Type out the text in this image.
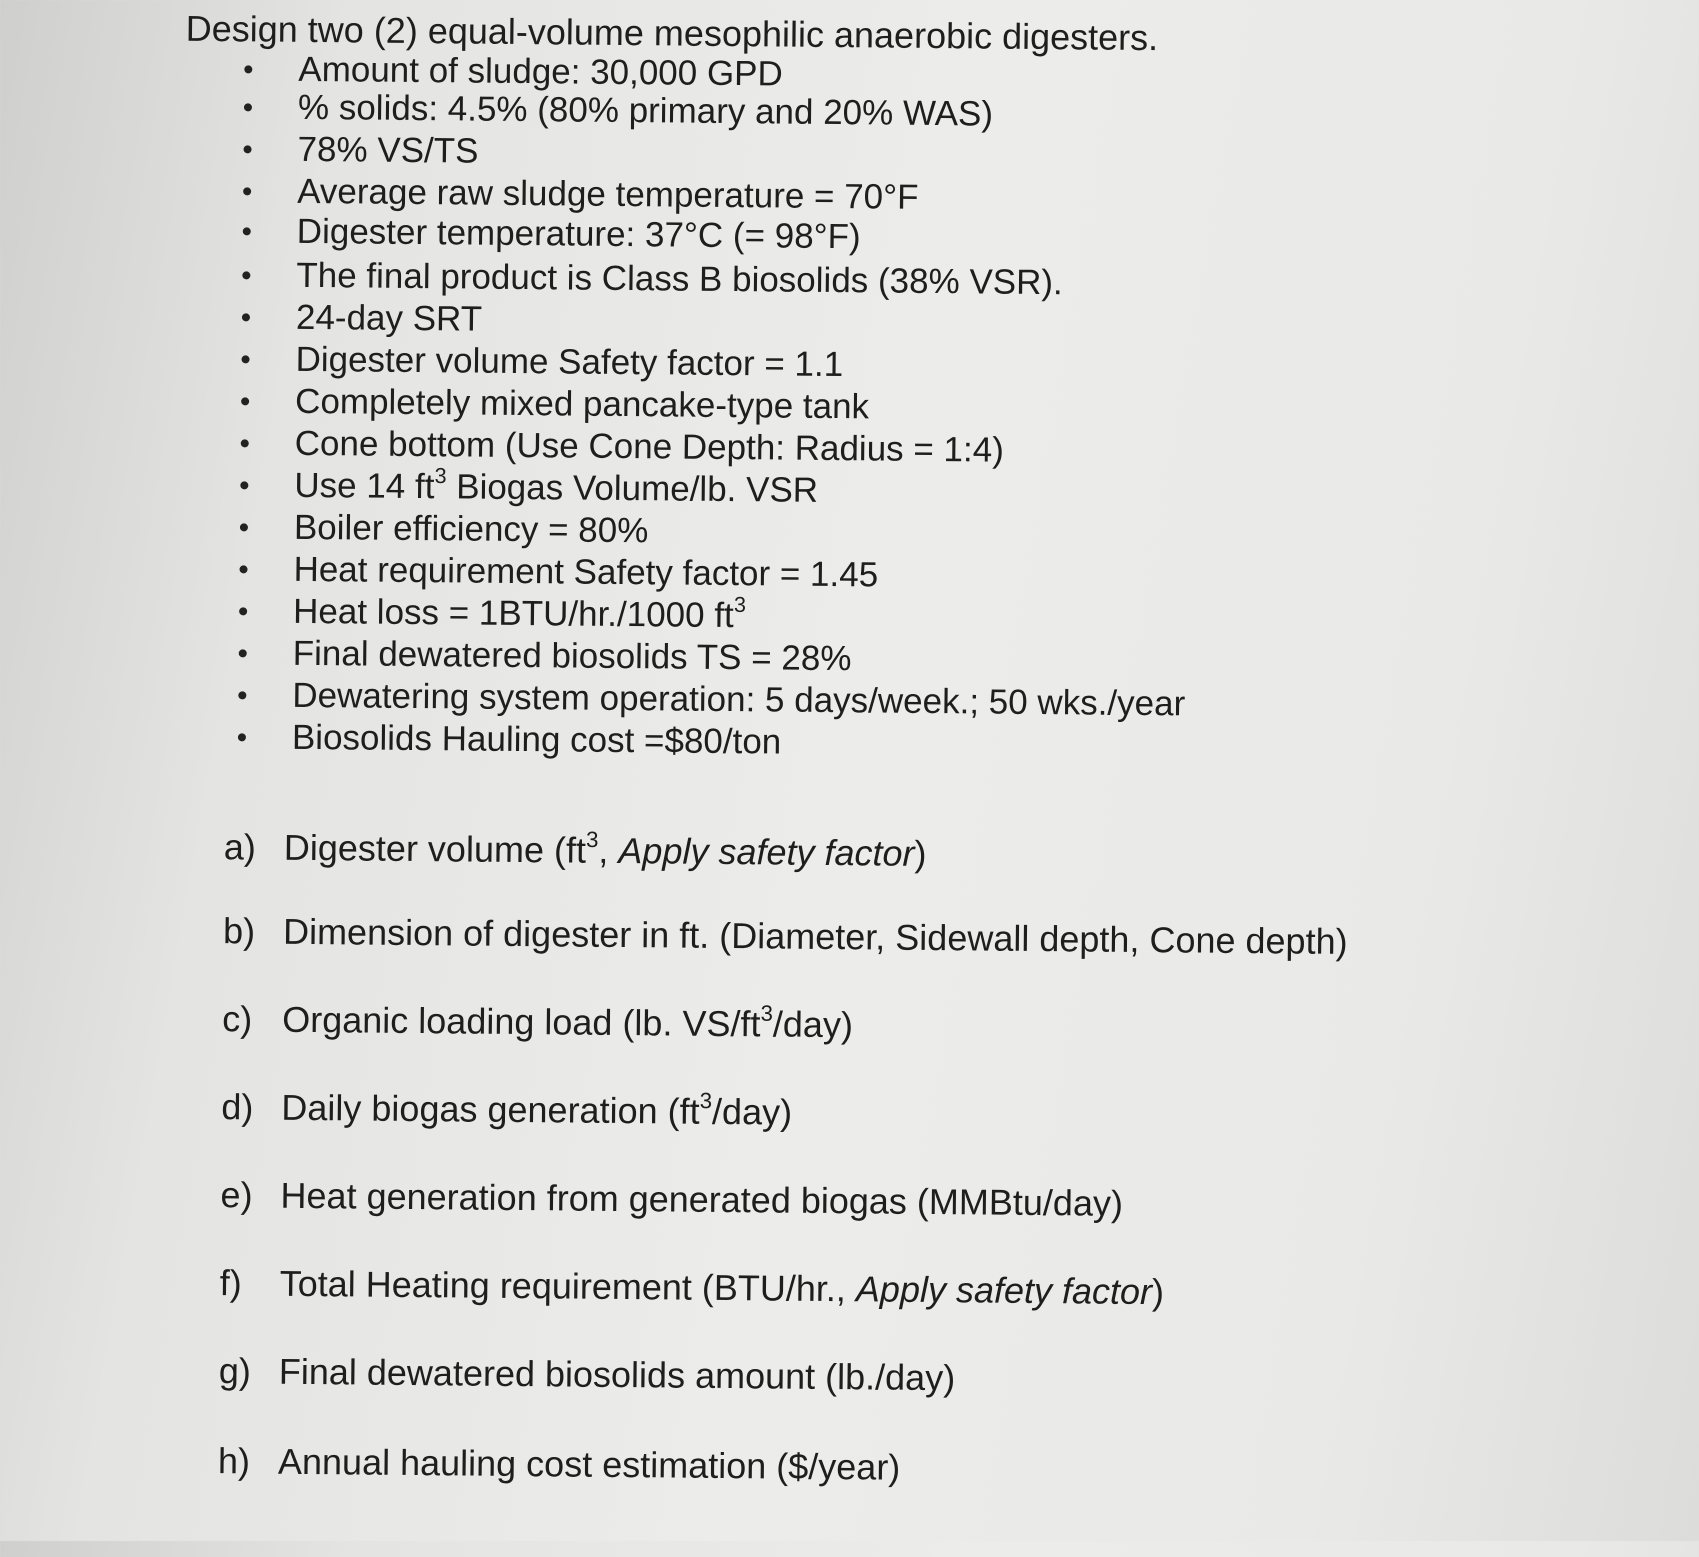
Design two (2) equal-volume mesophilic anaerobic digesters.
Amount of sludge: 30,000 GPD
% solids: 4.5% (80% primary and 20% WAS)
78% VS/TS
Average raw sludge temperature = 70°F
Digester temperature: 37°C (= 98°F)
The final product is Class B biosolids (38% VSR).
24-day SRT
Digester volume Safety factor = 1.1
Completely mixed pancake-type tank
Cone bottom (Use Cone Depth: Radius = 1:4)
Use 14 $ft^3$ Biogas Volume/lb. VSR
Boiler efficiency = 80%
Heat requirement Safety factor = 1.45
Heat loss = 1BTU/hr./1000 $ft^3$
Final dewatered biosolids TS = 28%
Dewatering system operation: 5 days/week.; 50 wks./year
Biosolids Hauling cost =$80/ton
a) Digester volume ($ft^3$, Apply safety factor)
b) Dimension of digester in ft. (Diameter, Sidewall depth, Cone depth)
c) Organic loading load (lb. $VS/ft^3/day$)
d) Daily biogas generation $(ft^3/day)$
e) Heat generation from generated biogas (MMBtu/day)
f) Total Heating requirement (BTU/hr., Apply safety factor)
g) Final dewatered biosolids amount (lb./day)
h) Annual hauling cost estimation ($/year)
